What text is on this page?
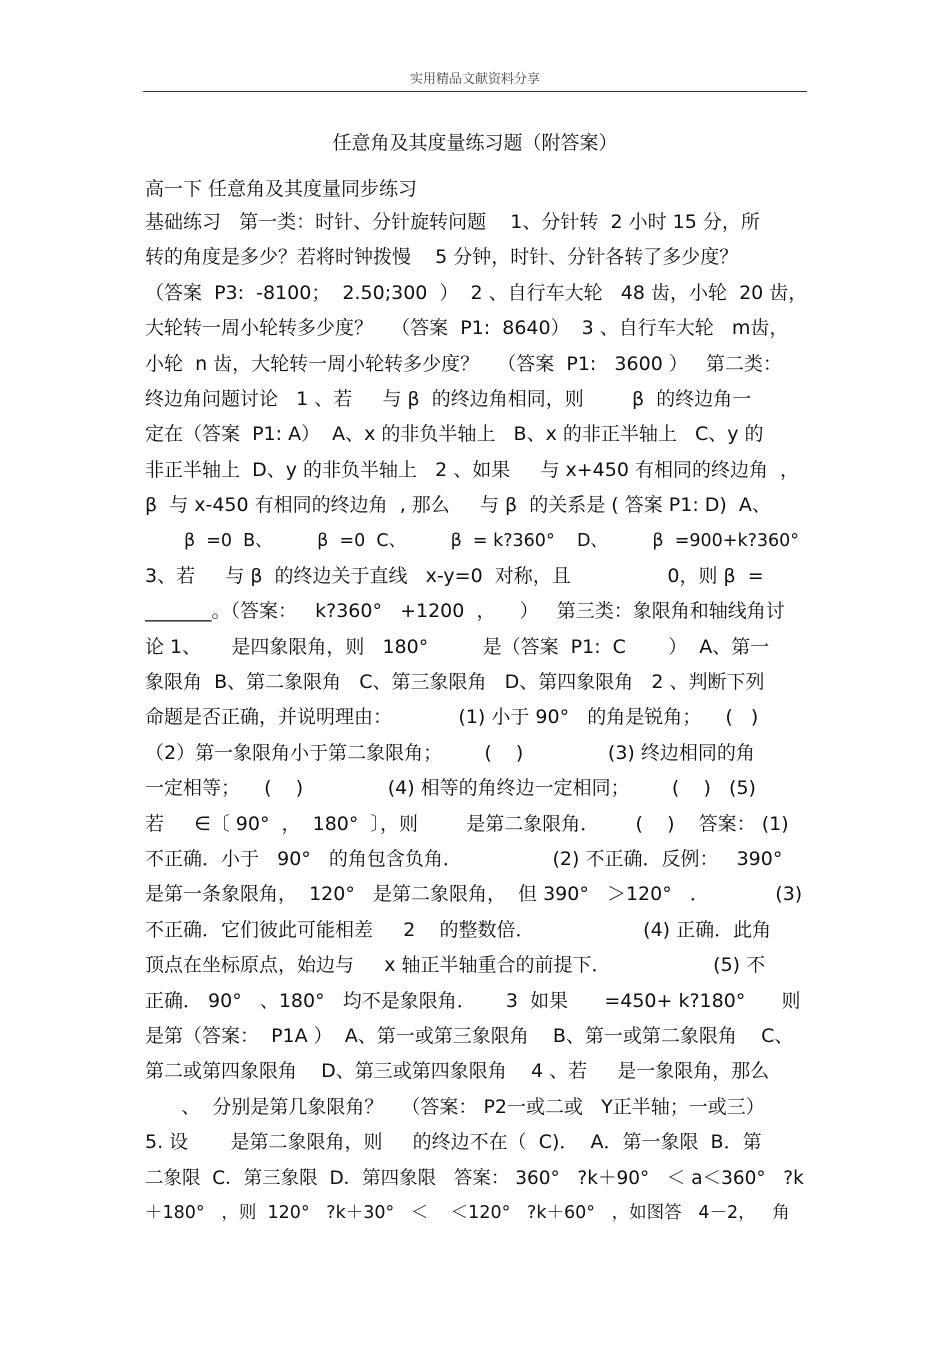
实用精品文献资料分享
任意角及其度量练习题（附答案）
高一下 任意角及其度量同步练习
基础练习   第一类：时针、分针旋转问题    1、分针转  2 小时 15 分，所
转的角度是多少？若将时钟拨慢    5 分钟，时针、分针各转了多少度？
（答案  P3:  -8100；  2.50;300  ）  2 、自行车大轮   48 齿，小轮  20 齿，
大轮转一周小轮转多少度？   （答案  P1:  8640）  3 、自行车大轮   m齿，
小轮  n 齿，大轮转一周小轮转多少度？   （答案  P1:   3600 ）   第二类：
终边角问题讨论   1 、若     与 β  的终边角相同，则        β  的终边角一
定在（答案  P1: A）  A、x 的非负半轴上   B、x 的非正半轴上   C、y 的
非正半轴上  D、y 的非负半轴上   2 、如果     与 x+450 有相同的终边角  ，
β  与 x-450 有相同的终边角  , 那么     与 β  的关系是 ( 答案 P1: D)  A、
β  =0  B、        β  =0  C、        β  = k?360°    D、        β  =900+k?360°
3、若     与 β  的终边关于直线   x-y=0  对称，且                0，则 β  =
_______。（答案：   k?360°   +1200  ，    ）   第三类：象限角和轴线角讨
论 1、     是四象限角，则   180°         是（答案  P1:  C       ）  A、第一
象限角  B、第二象限角   C、第三象限角   D、第四象限角   2 、判断下列
命题是否正确，并说明理由：           (1) 小于 90°   的角是锐角；    (   )
（2）第一象限角小于第二象限角；       (    )              (3) 终边相同的角
一定相等；    (    )              (4) 相等的角终边一定相同；       (    )   (5)
若     ∈〔 90°  ，  180°  〕，则        是第二象限角．      (    )    答案： (1)
不正确．小于   90°   的角包含负角．               (2) 不正确．反例：   390°
是第一条象限角，  120°   是第二象限角，  但 390°   ＞120°   ．           (3)
不正确．它们彼此可能相差     2    的整数倍．                  (4) 正确．此角
顶点在坐标原点，始边与     x 轴正半轴重合的前提下．                 (5) 不
正确． 90°   、180°   均不是象限角．     3  如果      =450+ k?180°      则
是第（答案：  P1A ）  A、第一或第三象限角    B、第一或第二象限角    C、
第二或第四象限角    D、第三或第四象限角    4 、若     是一象限角，那么
、  分别是第几象限角？   （答案： P2一或二或   Y正半轴；一或三）
5. 设       是第二象限角，则     的终边不在（  C)．  A．第一象限  B．第
二象限  C．第三象限  D．第四象限   答案： 360°   ?k＋90°   ＜ a＜360°   ?k
＋180°   ，则  120°   ?k＋30°   ＜    ＜120°   ?k＋60°   ，如图答   4－2，   角
